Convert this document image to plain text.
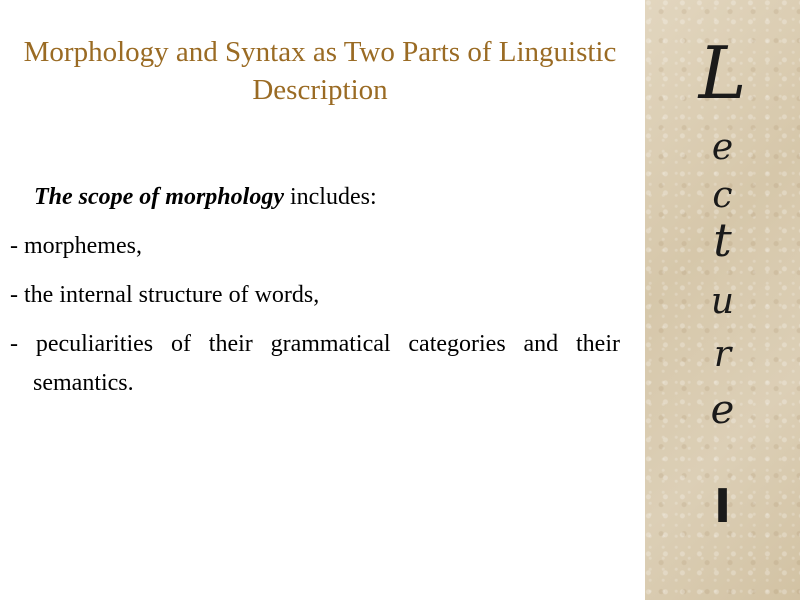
Morphology and Syntax as Two Parts of Linguistic Description

The scope of morphology includes:

- morphemes,
- the internal structure of words,
- peculiarities of their grammatical categories and their semantics.
L
e
c
t
u
r
e
I
